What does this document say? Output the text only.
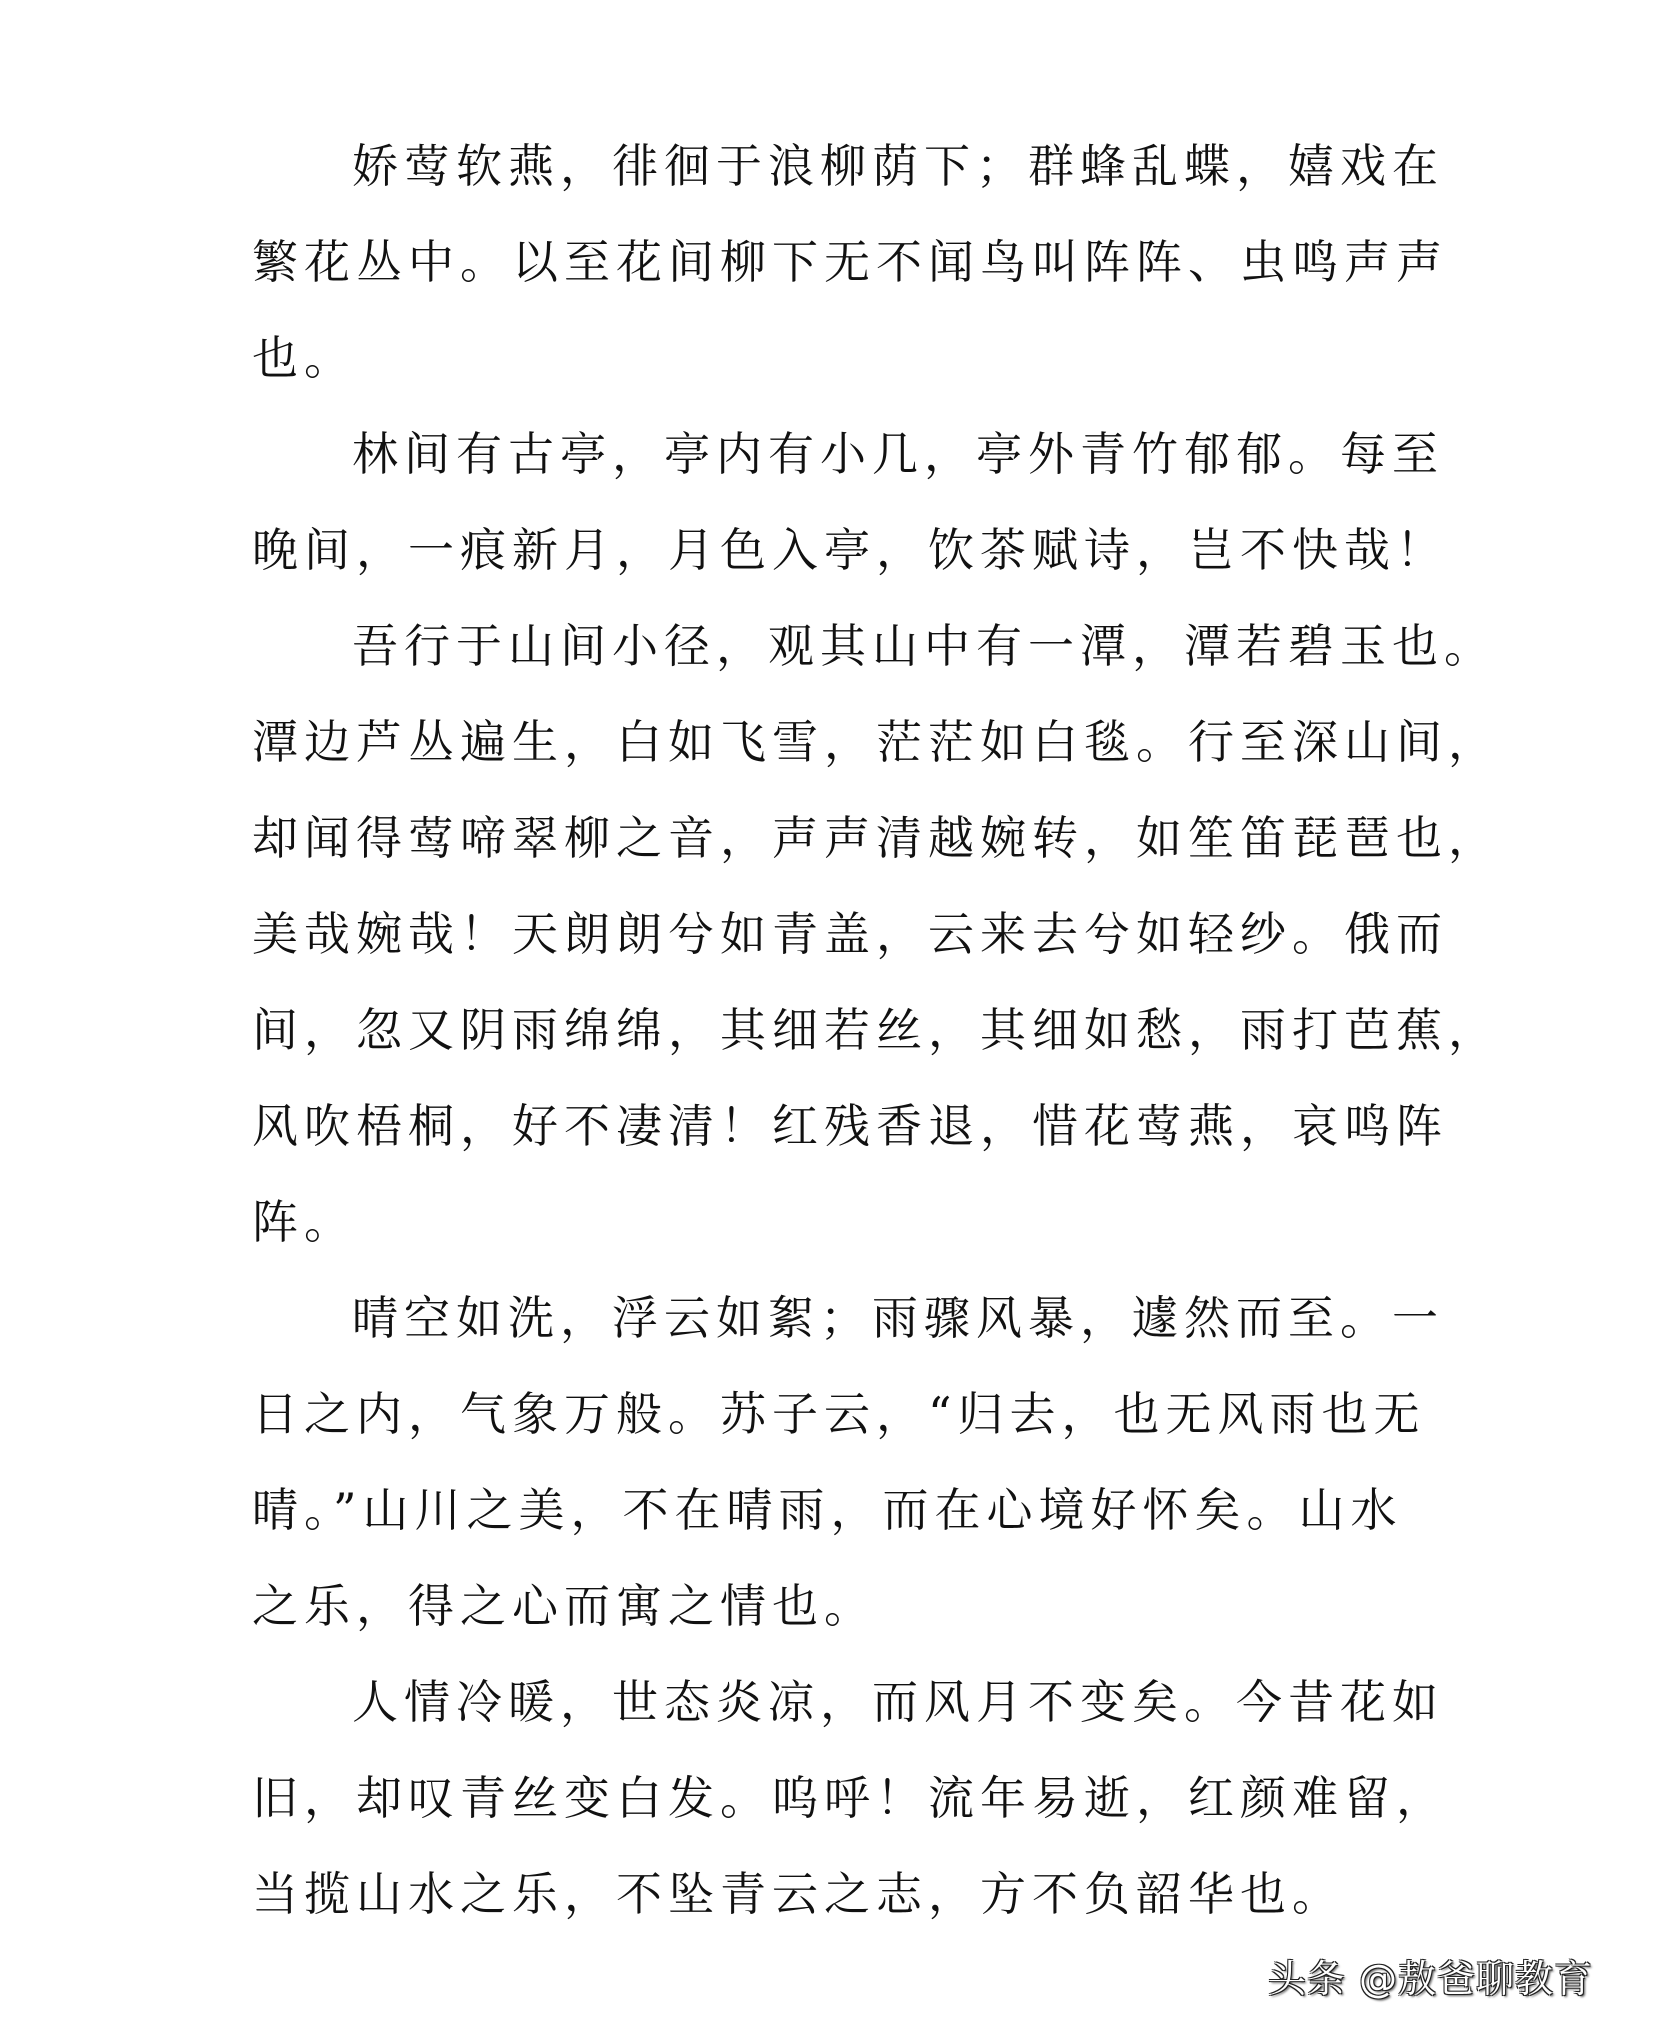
娇莺软燕，徘徊于浪柳荫下；群蜂乱蝶，嬉戏在
繁花丛中。以至花间柳下无不闻鸟叫阵阵、虫鸣声声
也。
林间有古亭，亭内有小几，亭外青竹郁郁。每至
晚间，一痕新月，月色入亭，饮茶赋诗，岂不快哉！
吾行于山间小径，观其山中有一潭，潭若碧玉也。
潭边芦丛遍生，白如飞雪，茫茫如白毯。行至深山间，
却闻得莺啼翠柳之音，声声清越婉转，如笙笛琵琶也，
美哉婉哉！天朗朗兮如青盖，云来去兮如轻纱。俄而
间，忽又阴雨绵绵，其细若丝，其细如愁，雨打芭蕉，
风吹梧桐，好不凄清！红残香退，惜花莺燕，哀鸣阵
阵。
晴空如洗，浮云如絮；雨骤风暴，遽然而至。一
日之内，气象万般。苏子云，“归去，也无风雨也无
晴。”山川之美，不在晴雨，而在心境好怀矣。山水
之乐，得之心而寓之情也。
人情冷暖，世态炎凉，而风月不变矣。今昔花如
旧，却叹青丝变白发。呜呼！流年易逝，红颜难留，
当揽山水之乐，不坠青云之志，方不负韶华也。
头条 @敖爸聊教育
